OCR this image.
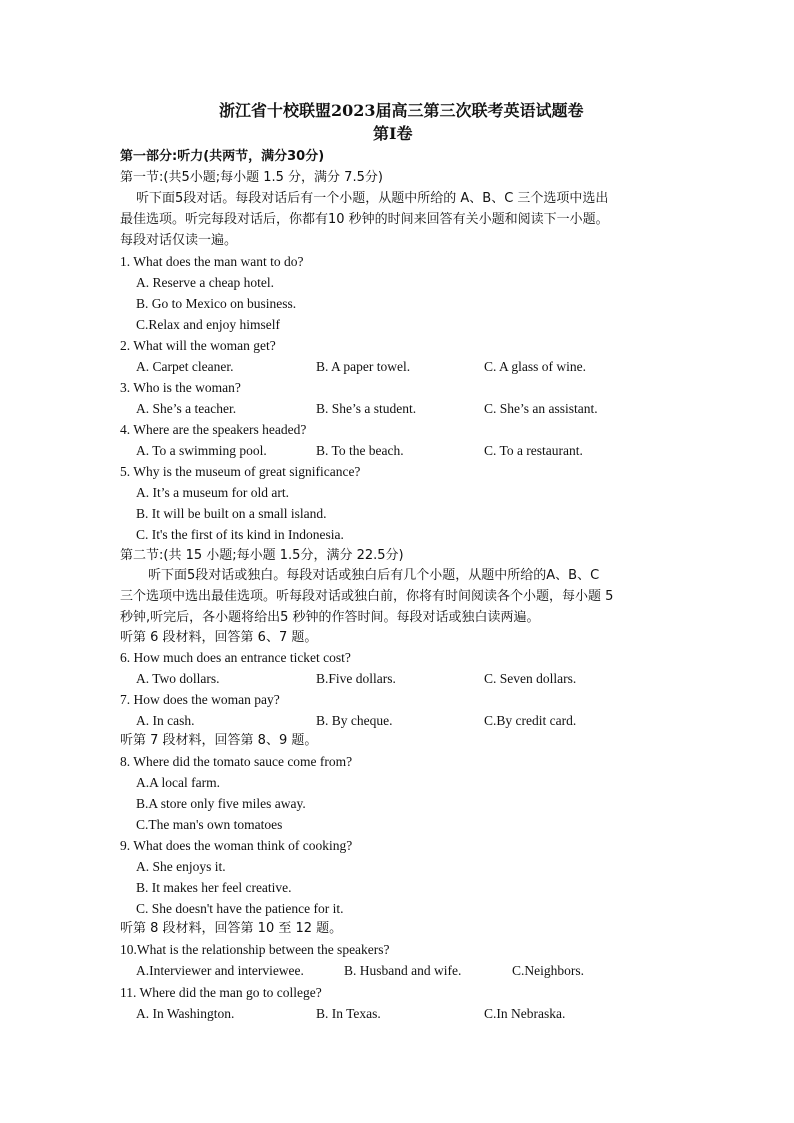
浙江省十校联盟2023届高三第三次联考英语试题卷
第Ⅰ卷
第一部分:听力(共两节，满分30分)
第一节:(共5小题;每小题 1.5 分，满分 7.5分)
听下面5段对话。每段对话后有一个小题，从题中所给的 A、B、C 三个选项中选出
最佳选项。听完每段对话后，你都有10 秒钟的时间来回答有关小题和阅读下一小题。
每段对话仅读一遍。
1. What does the man want to do?
A. Reserve a cheap hotel.
B. Go to Mexico on business.
C.Relax and enjoy himself
2. What will the woman get?
A. Carpet cleaner.	B. A paper towel.	C. A glass of wine.
3. Who is the woman?
A. She’s a teacher.	B. She’s a student.	C. She’s an assistant.
4. Where are the speakers headed?
A. To a swimming pool.	B. To the beach.	C. To a restaurant.
5. Why is the museum of great significance?
A. It’s a museum for old art.
B. It will be built on a small island.
C. It's the first of its kind in Indonesia.
第二节:(共 15 小题;每小题 1.5分，满分 22.5分)
听下面5段对话或独白。每段对话或独白后有几个小题，从题中所给的A、B、C
三个选项中选出最佳选项。听每段对话或独白前，你将有时间阅读各个小题，每小题 5
秒钟,听完后，各小题将给出5 秒钟的作答时间。每段对话或独白读两遍。
听第 6 段材料，回答第 6、7 题。
6. How much does an entrance ticket cost?
A. Two dollars.	B.Five dollars.	C. Seven dollars.
7. How does the woman pay?
A. In cash.	B. By cheque.	C.By credit card.
听第 7 段材料，回答第 8、9 题。
8. Where did the tomato sauce come from?
A.A local farm.
B.A store only five miles away.
C.The man's own tomatoes
9. What does the woman think of cooking?
A. She enjoys it.
B. It makes her feel creative.
C. She doesn't have the patience for it.
听第 8 段材料，回答第 10 至 12 题。
10.What is the relationship between the speakers?
A.Interviewer and interviewee.	B. Husband and wife.	C.Neighbors.
11. Where did the man go to college?
A. In Washington.	B. In Texas.	C.In Nebraska.
